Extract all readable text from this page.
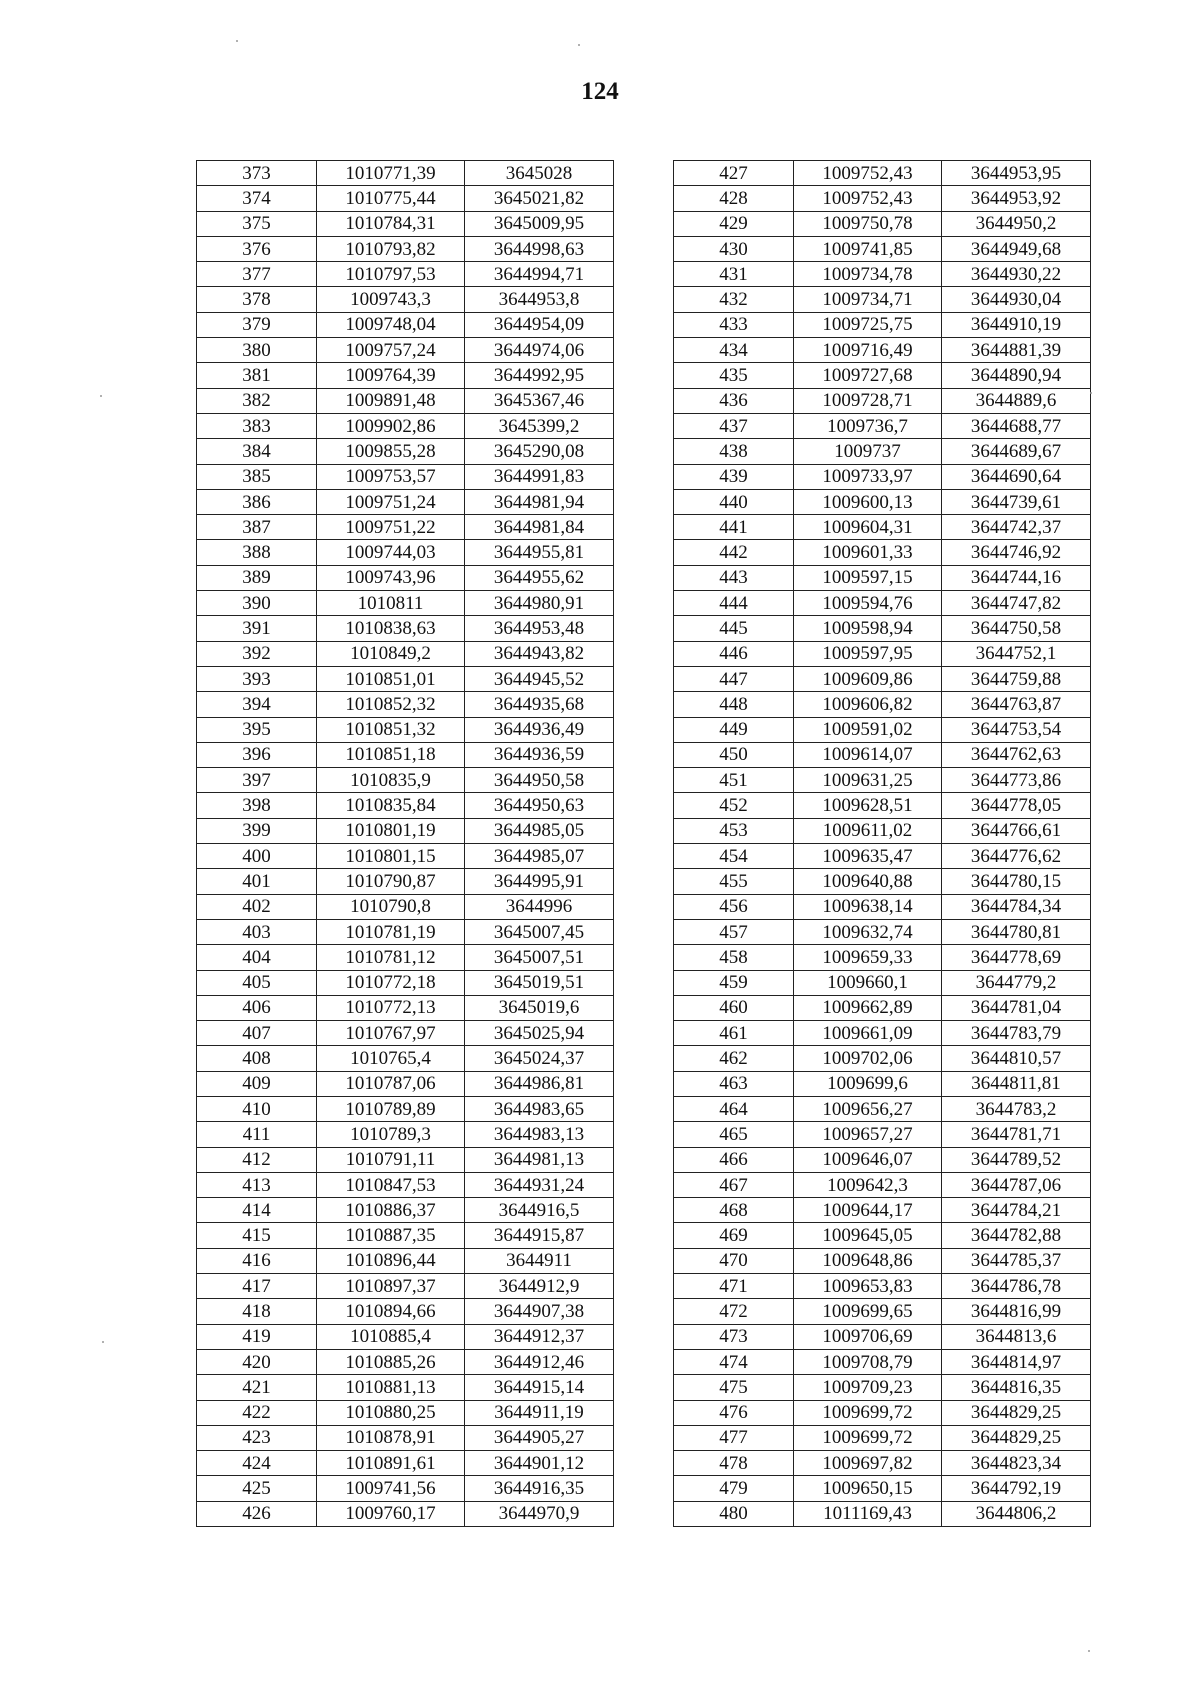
124
373	1010771,39	3645028
374	1010775,44	3645021,82
375	1010784,31	3645009,95
376	1010793,82	3644998,63
377	1010797,53	3644994,71
378	1009743,3	3644953,8
379	1009748,04	3644954,09
380	1009757,24	3644974,06
381	1009764,39	3644992,95
382	1009891,48	3645367,46
383	1009902,86	3645399,2
384	1009855,28	3645290,08
385	1009753,57	3644991,83
386	1009751,24	3644981,94
387	1009751,22	3644981,84
388	1009744,03	3644955,81
389	1009743,96	3644955,62
390	1010811	3644980,91
391	1010838,63	3644953,48
392	1010849,2	3644943,82
393	1010851,01	3644945,52
394	1010852,32	3644935,68
395	1010851,32	3644936,49
396	1010851,18	3644936,59
397	1010835,9	3644950,58
398	1010835,84	3644950,63
399	1010801,19	3644985,05
400	1010801,15	3644985,07
401	1010790,87	3644995,91
402	1010790,8	3644996
403	1010781,19	3645007,45
404	1010781,12	3645007,51
405	1010772,18	3645019,51
406	1010772,13	3645019,6
407	1010767,97	3645025,94
408	1010765,4	3645024,37
409	1010787,06	3644986,81
410	1010789,89	3644983,65
411	1010789,3	3644983,13
412	1010791,11	3644981,13
413	1010847,53	3644931,24
414	1010886,37	3644916,5
415	1010887,35	3644915,87
416	1010896,44	3644911
417	1010897,37	3644912,9
418	1010894,66	3644907,38
419	1010885,4	3644912,37
420	1010885,26	3644912,46
421	1010881,13	3644915,14
422	1010880,25	3644911,19
423	1010878,91	3644905,27
424	1010891,61	3644901,12
425	1009741,56	3644916,35
426	1009760,17	3644970,9
427	1009752,43	3644953,95
428	1009752,43	3644953,92
429	1009750,78	3644950,2
430	1009741,85	3644949,68
431	1009734,78	3644930,22
432	1009734,71	3644930,04
433	1009725,75	3644910,19
434	1009716,49	3644881,39
435	1009727,68	3644890,94
436	1009728,71	3644889,6
437	1009736,7	3644688,77
438	1009737	3644689,67
439	1009733,97	3644690,64
440	1009600,13	3644739,61
441	1009604,31	3644742,37
442	1009601,33	3644746,92
443	1009597,15	3644744,16
444	1009594,76	3644747,82
445	1009598,94	3644750,58
446	1009597,95	3644752,1
447	1009609,86	3644759,88
448	1009606,82	3644763,87
449	1009591,02	3644753,54
450	1009614,07	3644762,63
451	1009631,25	3644773,86
452	1009628,51	3644778,05
453	1009611,02	3644766,61
454	1009635,47	3644776,62
455	1009640,88	3644780,15
456	1009638,14	3644784,34
457	1009632,74	3644780,81
458	1009659,33	3644778,69
459	1009660,1	3644779,2
460	1009662,89	3644781,04
461	1009661,09	3644783,79
462	1009702,06	3644810,57
463	1009699,6	3644811,81
464	1009656,27	3644783,2
465	1009657,27	3644781,71
466	1009646,07	3644789,52
467	1009642,3	3644787,06
468	1009644,17	3644784,21
469	1009645,05	3644782,88
470	1009648,86	3644785,37
471	1009653,83	3644786,78
472	1009699,65	3644816,99
473	1009706,69	3644813,6
474	1009708,79	3644814,97
475	1009709,23	3644816,35
476	1009699,72	3644829,25
477	1009699,72	3644829,25
478	1009697,82	3644823,34
479	1009650,15	3644792,19
480	1011169,43	3644806,2
